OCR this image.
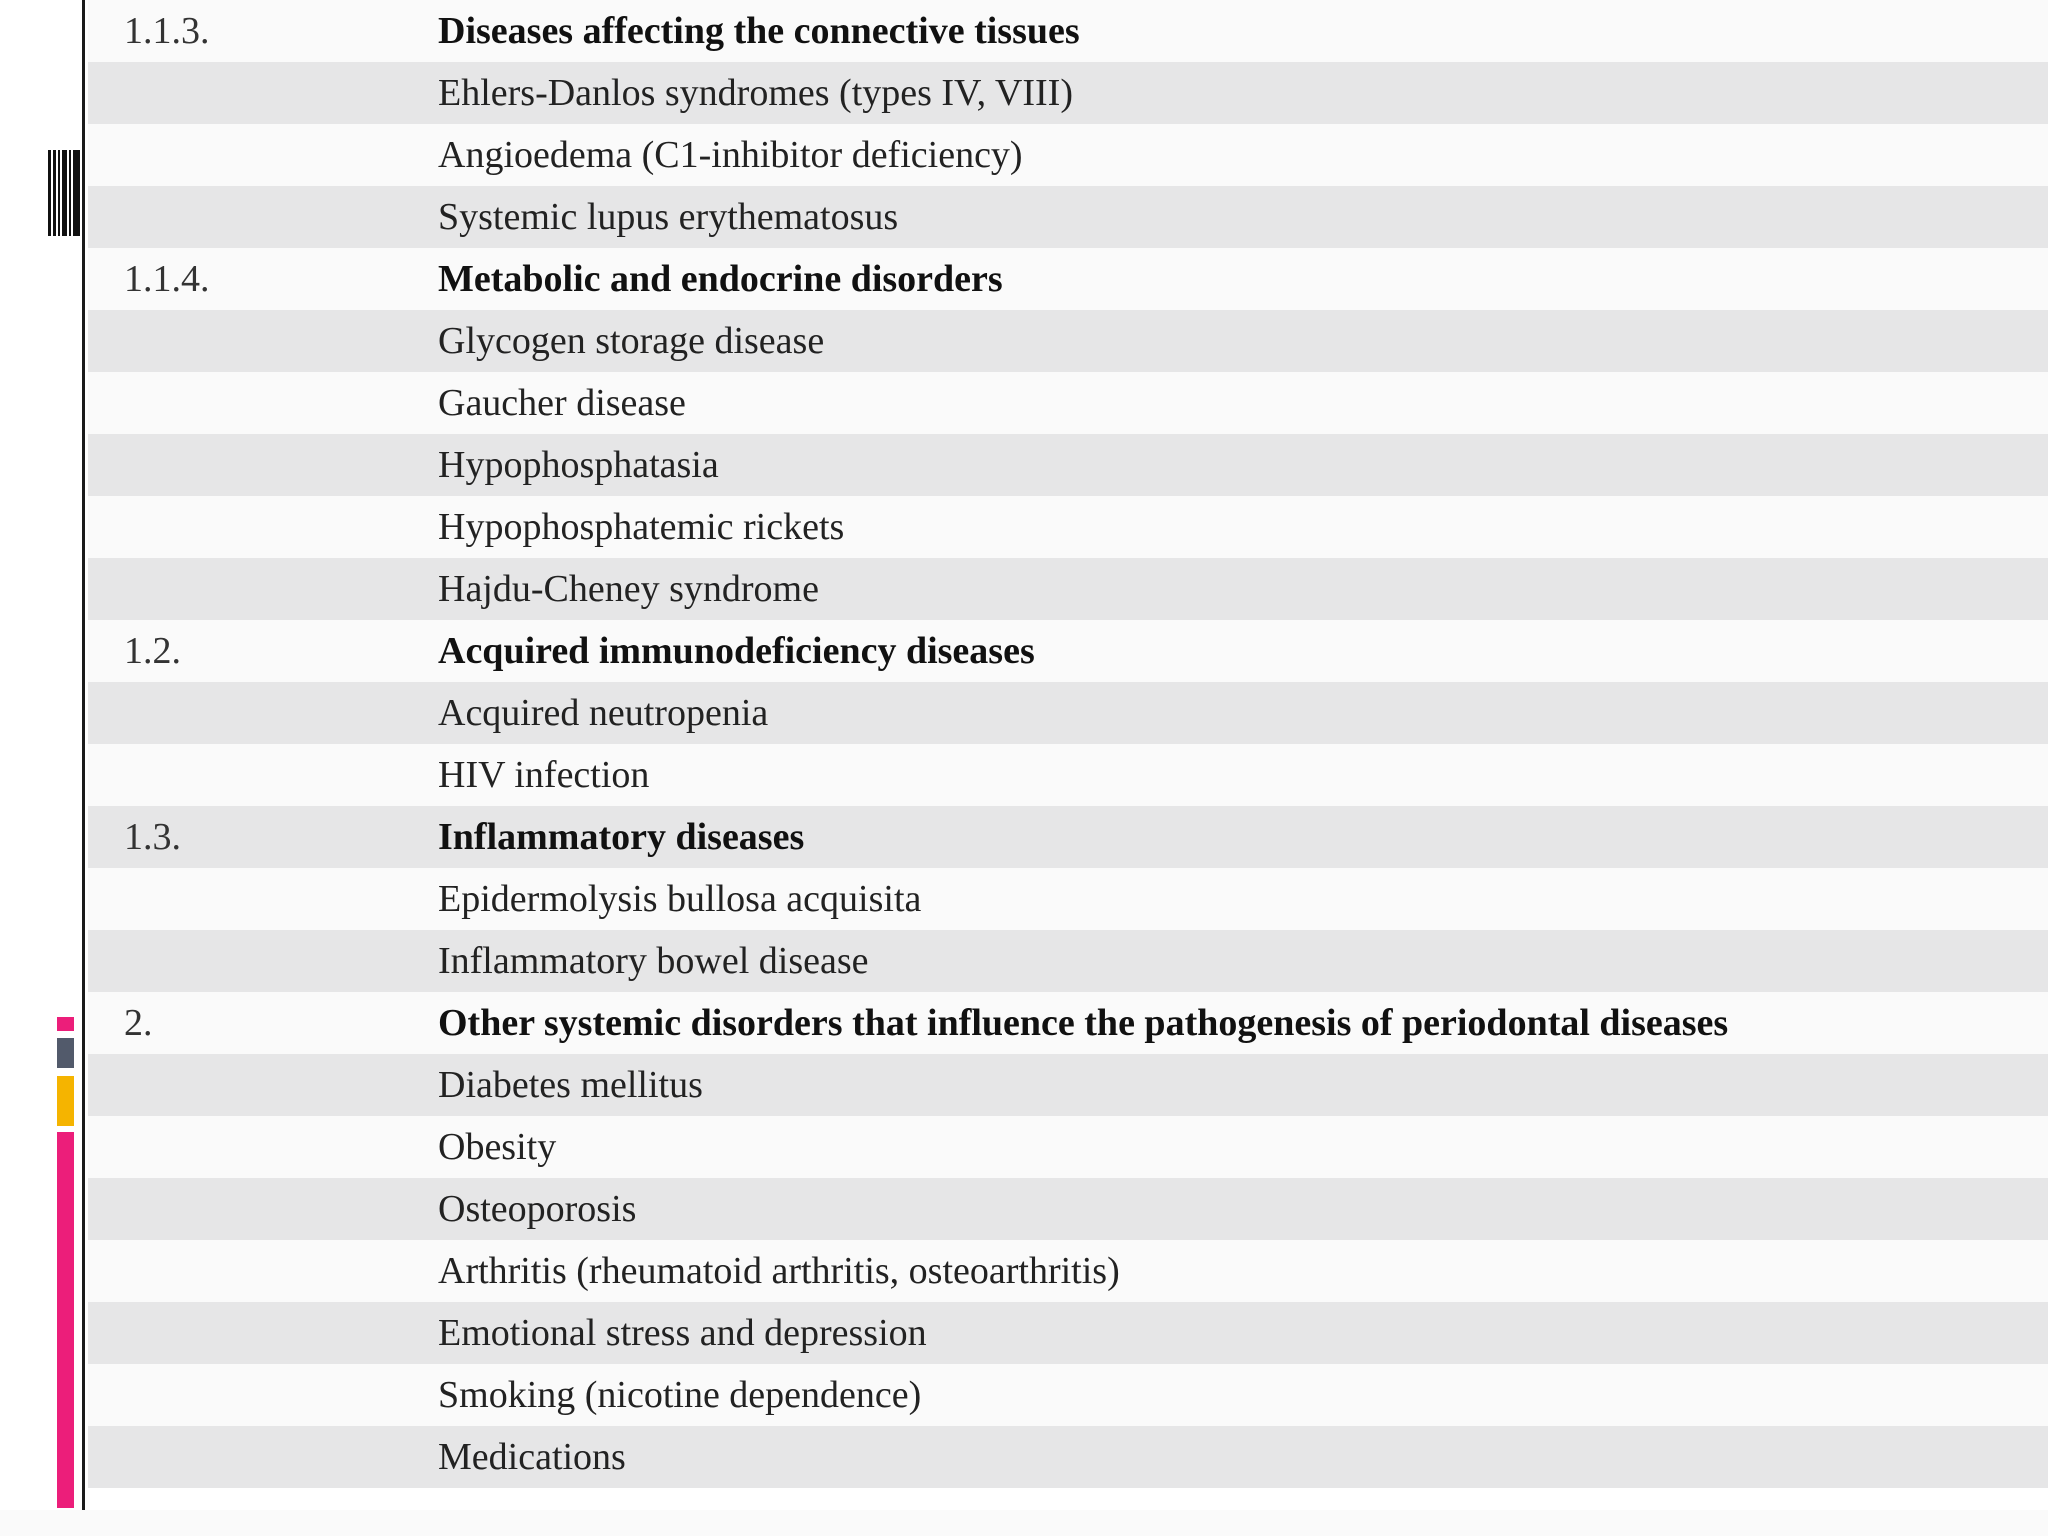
1.1.3.	Diseases affecting the connective tissues
Ehlers-Danlos syndromes (types IV, VIII)
Angioedema (C1-inhibitor deficiency)
Systemic lupus erythematosus
1.1.4.	Metabolic and endocrine disorders
Glycogen storage disease
Gaucher disease
Hypophosphatasia
Hypophosphatemic rickets
Hajdu-Cheney syndrome
1.2.	Acquired immunodeficiency diseases
Acquired neutropenia
HIV infection
1.3.	Inflammatory diseases
Epidermolysis bullosa acquisita
Inflammatory bowel disease
2.	Other systemic disorders that influence the pathogenesis of periodontal diseases
Diabetes mellitus
Obesity
Osteoporosis
Arthritis (rheumatoid arthritis, osteoarthritis)
Emotional stress and depression
Smoking (nicotine dependence)
Medications
